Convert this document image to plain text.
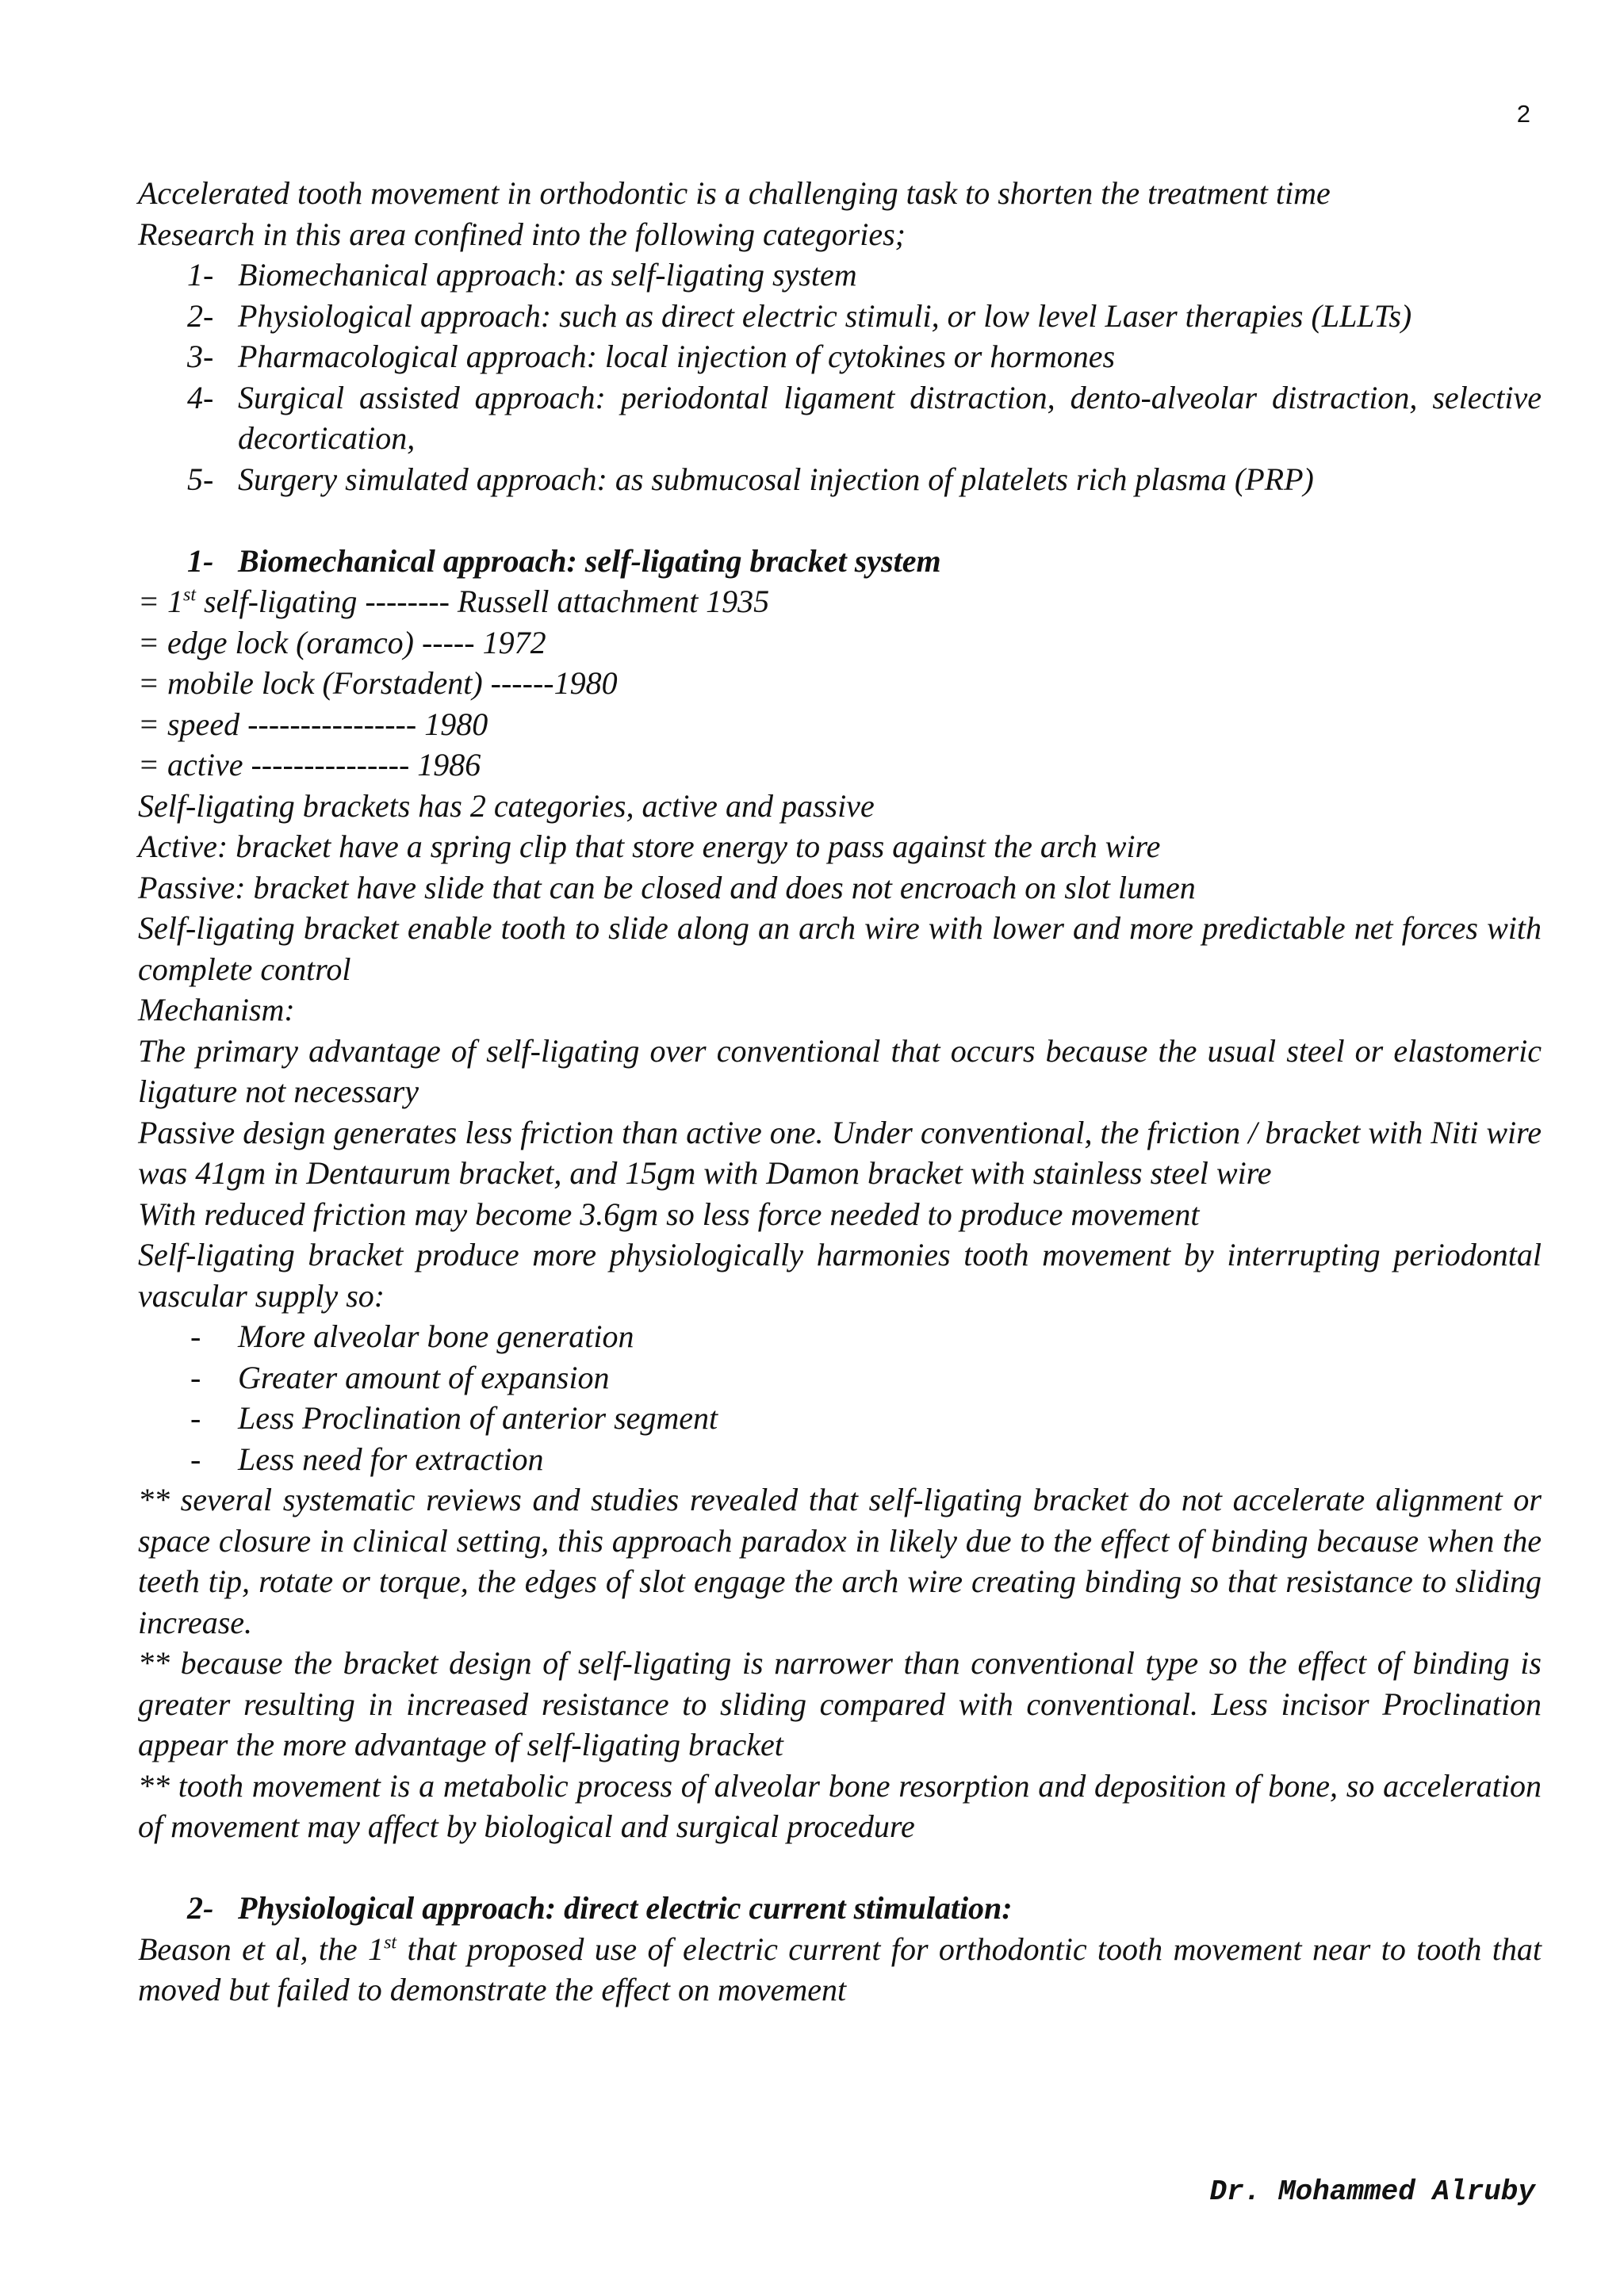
2

Accelerated tooth movement in orthodontic is a challenging task to shorten the treatment time

Research in this area confined into the following categories;

1- Biomechanical approach: as self-ligating system
2- Physiological approach: such as direct electric stimuli, or low level Laser therapies (LLLTs)
3- Pharmacological approach: local injection of cytokines or hormones
4- Surgical assisted approach: periodontal ligament distraction, dento-alveolar distraction, selective decortication,
5- Surgery simulated approach: as submucosal injection of platelets rich plasma (PRP)

1- Biomechanical approach: self-ligating bracket system

= 1st self-ligating -------- Russell attachment 1935

= edge lock (oramco) ----- 1972

= mobile lock (Forstadent) ------1980

= speed ---------------- 1980

= active --------------- 1986

Self-ligating brackets has 2 categories, active and passive

Active: bracket have a spring clip that store energy to pass against the arch wire

Passive: bracket have slide that can be closed and does not encroach on slot lumen

Self-ligating bracket enable tooth to slide along an arch wire with lower and more predictable net forces with complete control

Mechanism:

The primary advantage of self-ligating over conventional that occurs because the usual steel or elastomeric ligature not necessary

Passive design generates less friction than active one. Under conventional, the friction / bracket with Niti wire was 41gm in Dentaurum bracket, and 15gm with Damon bracket with stainless steel wire

With reduced friction may become 3.6gm so less force needed to produce movement

Self-ligating bracket produce more physiologically harmonies tooth movement by interrupting periodontal vascular supply so:

- More alveolar bone generation
- Greater amount of expansion
- Less Proclination of anterior segment
- Less need for extraction

** several systematic reviews and studies revealed that self-ligating bracket do not accelerate alignment or space closure in clinical setting, this approach paradox in likely due to the effect of binding because when the teeth tip, rotate or torque, the edges of slot engage the arch wire creating binding so that resistance to sliding increase.

** because the bracket design of self-ligating is narrower than conventional type so the effect of binding is greater resulting in increased resistance to sliding compared with conventional. Less incisor Proclination appear the more advantage of self-ligating bracket

** tooth movement is a metabolic process of alveolar bone resorption and deposition of bone, so acceleration of movement may affect by biological and surgical procedure

2- Physiological approach: direct electric current stimulation:

Beason et al, the 1st that proposed use of electric current for orthodontic tooth movement near to tooth that moved but failed to demonstrate the effect on movement

Dr. Mohammed Alruby
